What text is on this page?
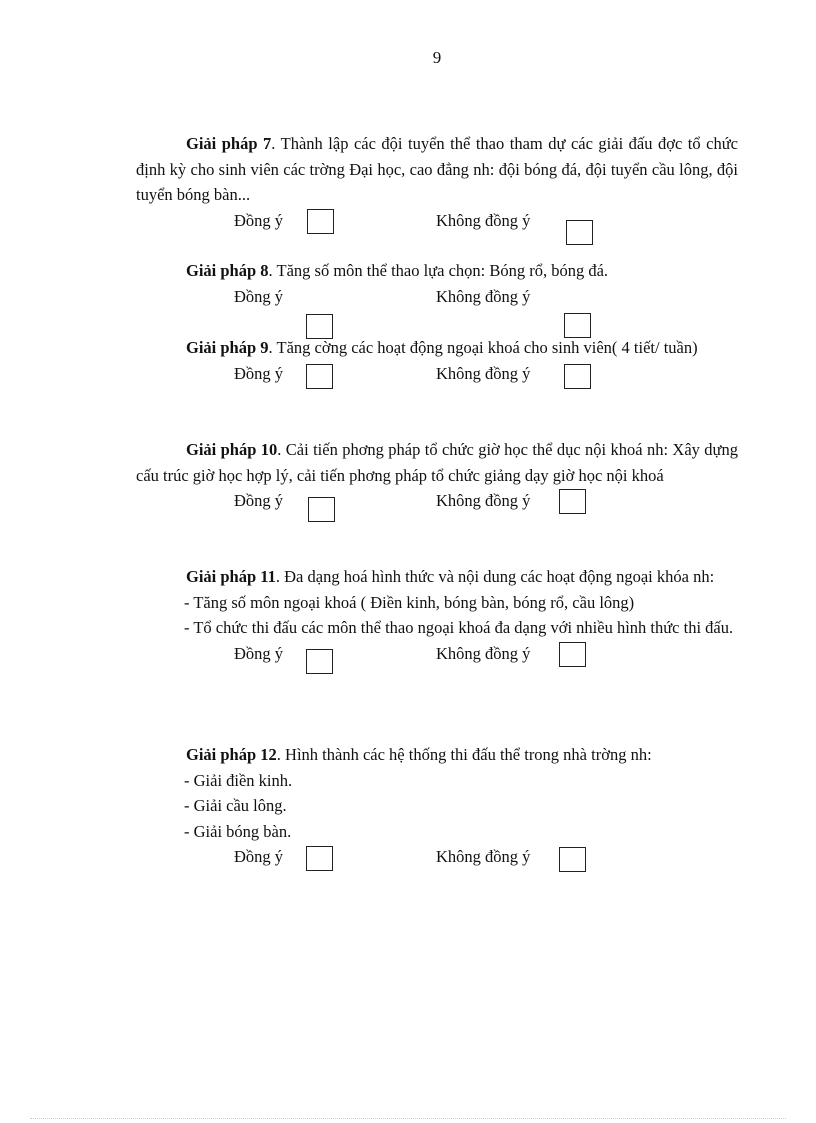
9

Giải pháp 7. Thành lập các đội tuyển thể thao tham dự các giải đấu đợc tổ chức định kỳ cho sinh viên các trờng Đại học, cao đẳng nh: đội bóng đá, đội tuyển cầu lông, đội tuyển bóng bàn...

Đồng ý	Không đồng ý

Giải pháp 8. Tăng số môn thể thao lựa chọn: Bóng rổ, bóng đá.

Đồng ý	Không đồng ý

Giải pháp 9. Tăng cờng các hoạt động ngoại khoá cho sinh viên( 4 tiết/ tuần)

Đồng ý	Không đồng ý

Giải pháp 10. Cải tiến phơng pháp tổ chức giờ học thể dục nội khoá nh: Xây dựng cấu trúc giờ học hợp lý, cải tiến phơng pháp tổ chức giảng dạy giờ học nội khoá

Đồng ý	Không đồng ý

Giải pháp 11. Đa dạng hoá hình thức và nội dung các hoạt động ngoại khóa nh:

- Tăng số môn ngoại khoá ( Điền kinh, bóng bàn, bóng rổ, cầu lông)

- Tổ chức thi đấu các môn thể thao ngoại khoá đa dạng với nhiều hình thức thi đấu.

Đồng ý	Không đồng ý

Giải pháp 12. Hình thành các hệ thống thi đấu thể trong nhà trờng nh:

- Giải điền kinh.

- Giải cầu lông.

- Giải bóng bàn.

Đồng ý	Không đồng ý
